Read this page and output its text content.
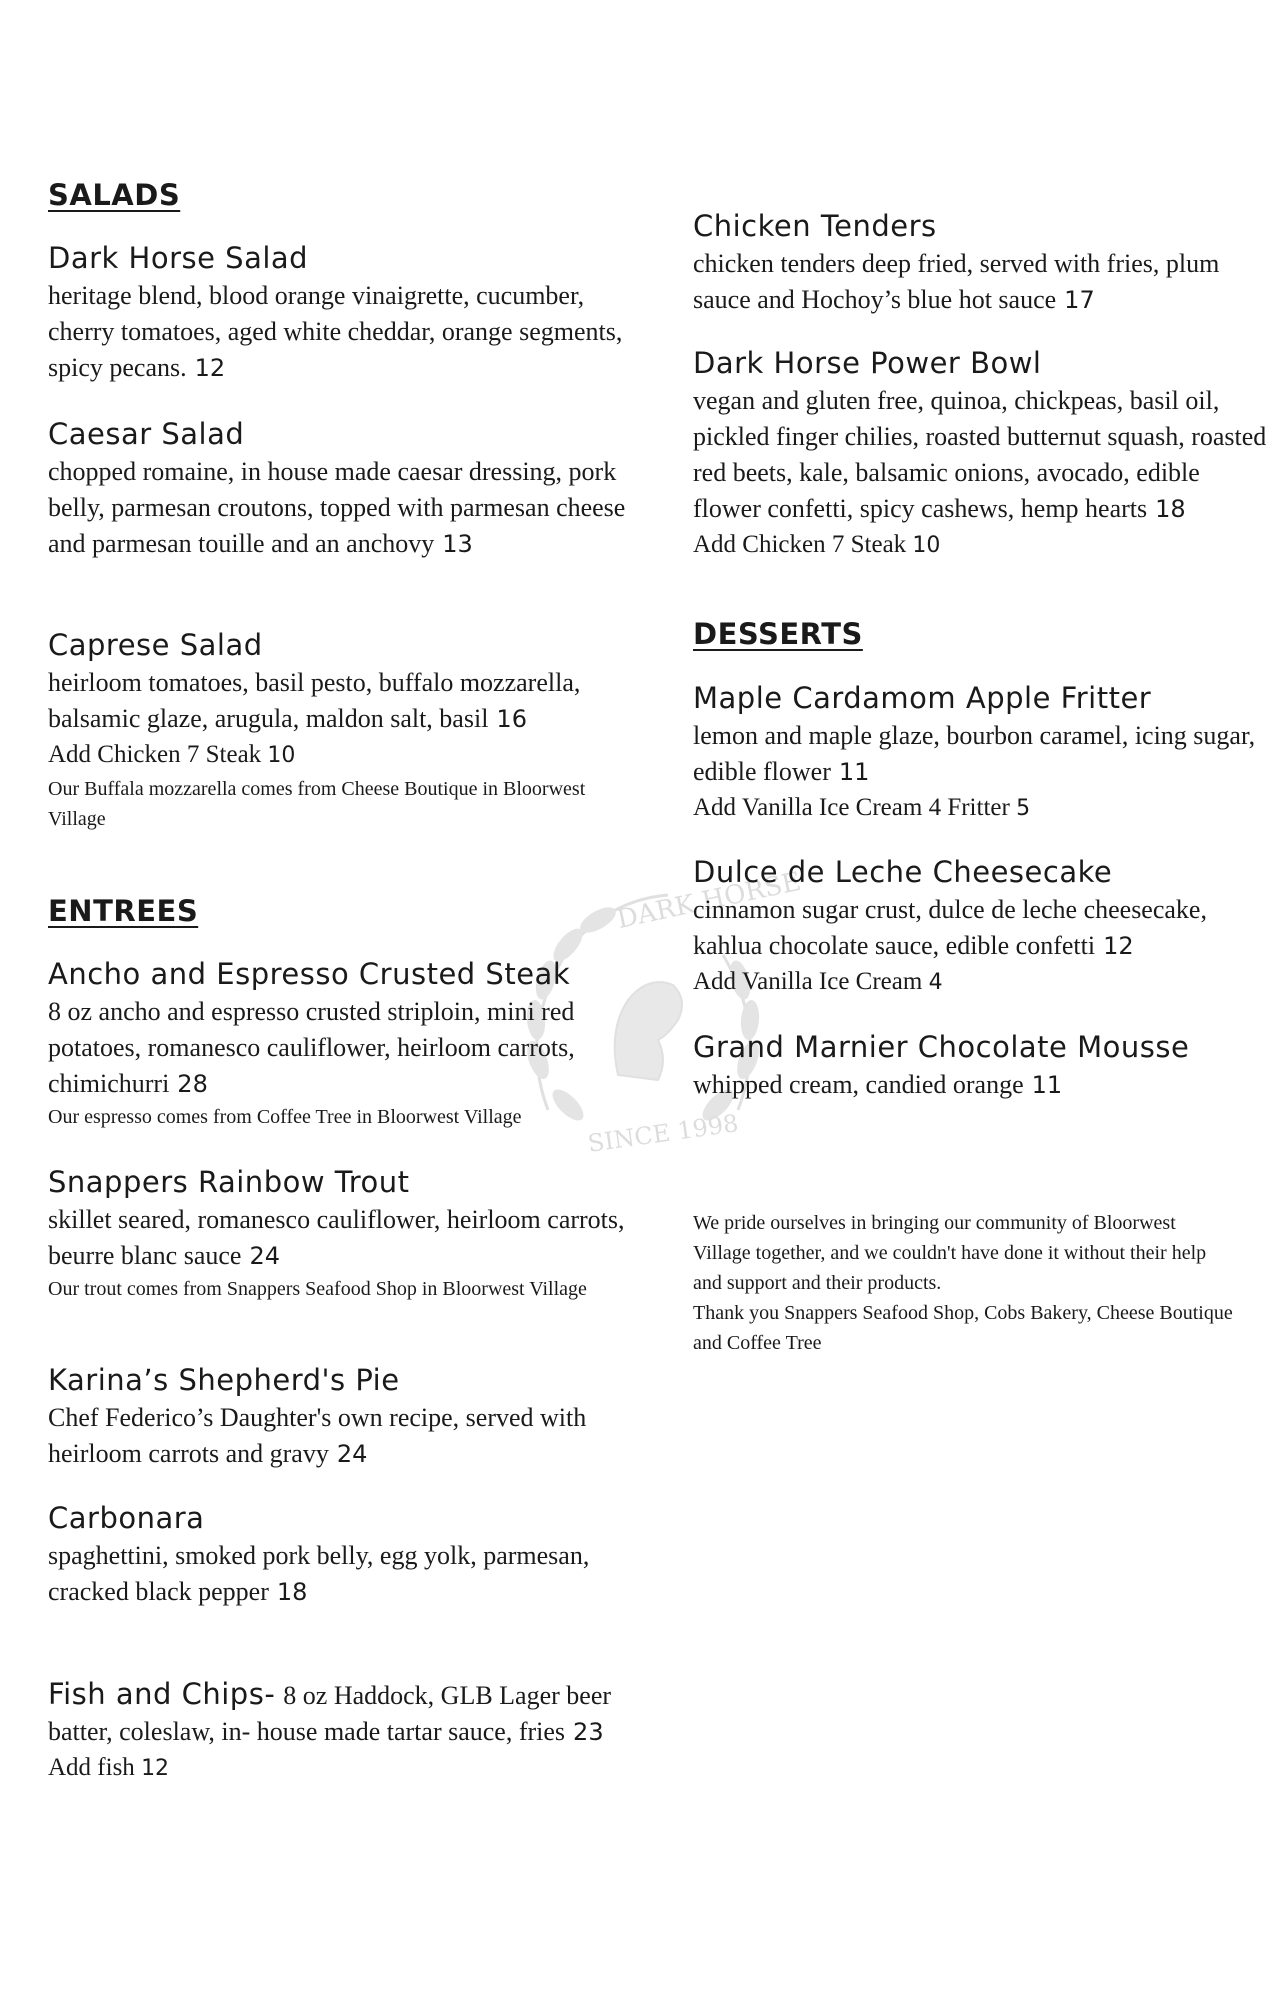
DARK HORSE
SINCE 1998
SALADS
Dark Horse Salad
heritage blend, blood orange vinaigrette, cucumber, cherry tomatoes, aged white cheddar, orange segments, spicy pecans. 12
Caesar Salad
chopped romaine, in house made caesar dressing, pork belly, parmesan croutons, topped with parmesan cheese and parmesan touille and an anchovy 13
Caprese Salad
heirloom tomatoes, basil pesto, buffalo mozzarella, balsamic glaze, arugula, maldon salt, basil 16
Add Chicken 7 Steak 10
Our Buffala mozzarella comes from Cheese Boutique in Bloorwest Village
ENTREES
Ancho and Espresso Crusted Steak
8 oz ancho and espresso crusted striploin, mini red potatoes, romanesco cauliflower, heirloom carrots, chimichurri 28
Our espresso comes from Coffee Tree in Bloorwest Village
Snappers Rainbow Trout
skillet seared, romanesco cauliflower, heirloom carrots, beurre blanc sauce 24
Our trout comes from Snappers Seafood Shop in Bloorwest Village
Karina’s Shepherd's Pie
Chef Federico’s Daughter's own recipe, served with heirloom carrots and gravy 24
Carbonara
spaghettini, smoked pork belly, egg yolk, parmesan, cracked black pepper 18
Fish and Chips- 8 oz Haddock, GLB Lager beer batter, coleslaw, in- house made tartar sauce, fries 23
Add fish 12
Chicken Tenders
chicken tenders deep fried, served with fries, plum sauce and Hochoy’s blue hot sauce 17
Dark Horse Power Bowl
vegan and gluten free, quinoa, chickpeas, basil oil, pickled finger chilies, roasted butternut squash, roasted red beets, kale, balsamic onions, avocado, edible flower confetti, spicy cashews, hemp hearts 18
Add Chicken 7 Steak 10
DESSERTS
Maple Cardamom Apple Fritter
lemon and maple glaze, bourbon caramel, icing sugar, edible flower 11
Add Vanilla Ice Cream 4 Fritter 5
Dulce de Leche Cheesecake
cinnamon sugar crust, dulce de leche cheesecake, kahlua chocolate sauce, edible confetti 12
Add Vanilla Ice Cream 4
Grand Marnier Chocolate Mousse
whipped cream, candied orange 11
We pride ourselves in bringing our community of Bloorwest Village together, and we couldn't have done it without their help and support and their products.
Thank you Snappers Seafood Shop, Cobs Bakery, Cheese Boutique and Coffee Tree
